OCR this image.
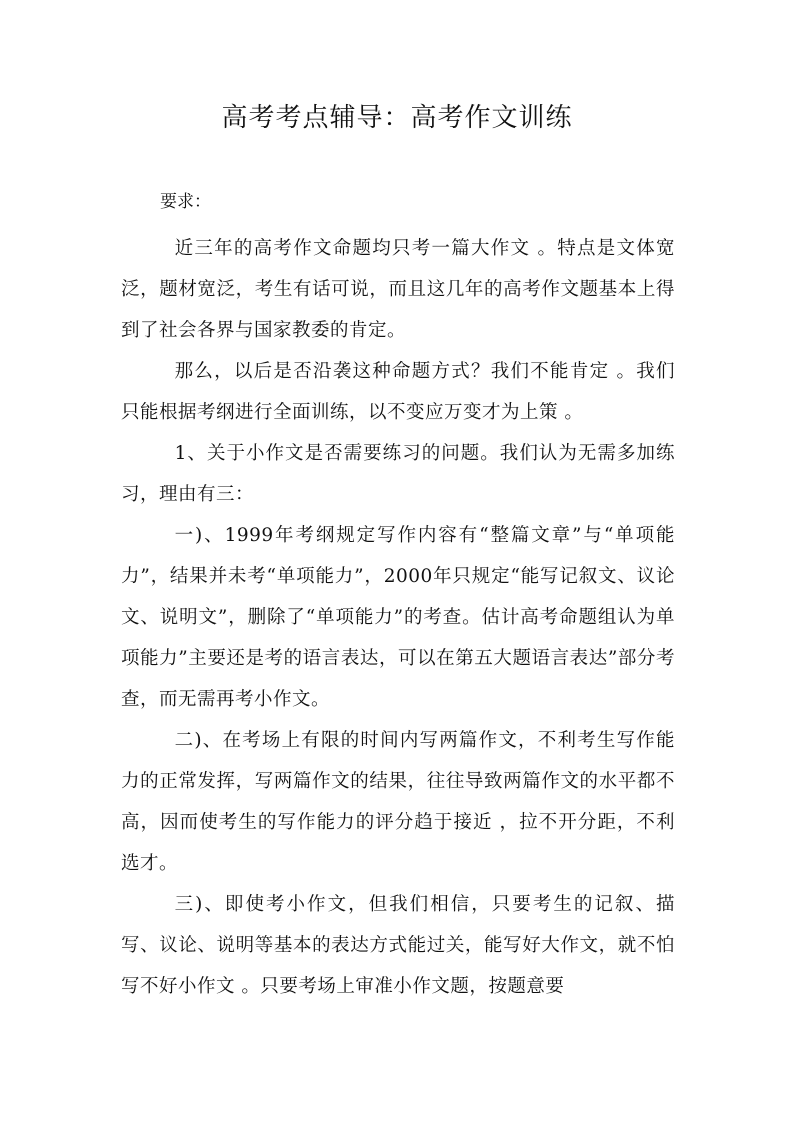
高考考点辅导：高考作文训练

要求：

近三年的高考作文命题均只考一篇大作文 。特点是文体宽泛，题材宽泛，考生有话可说，而且这几年的高考作文题基本上得到了社会各界与国家教委的肯定。

那么，以后是否沿袭这种命题方式？我们不能肯定 。我们只能根据考纲进行全面训练，以不变应万变才为上策 。

1、关于小作文是否需要练习的问题。我们认为无需多加练习，理由有三：

一)、1999年考纲规定写作内容有“整篇文章”与“单项能力”，结果并未考“单项能力”，2000年只规定“能写记叙文、议论文、说明文”，删除了“单项能力”的考查。估计高考命题组认为单项能力”主要还是考的语言表达，可以在第五大题语言表达”部分考查，而无需再考小作文。

二)、在考场上有限的时间内写两篇作文，不利考生写作能力的正常发挥，写两篇作文的结果，往往导致两篇作文的水平都不高，因而使考生的写作能力的评分趋于接近 ，拉不开分距，不利选才。

三)、即使考小作文，但我们相信，只要考生的记叙、描写、议论、说明等基本的表达方式能过关，能写好大作文，就不怕写不好小作文 。只要考场上审准小作文题，按题意要
